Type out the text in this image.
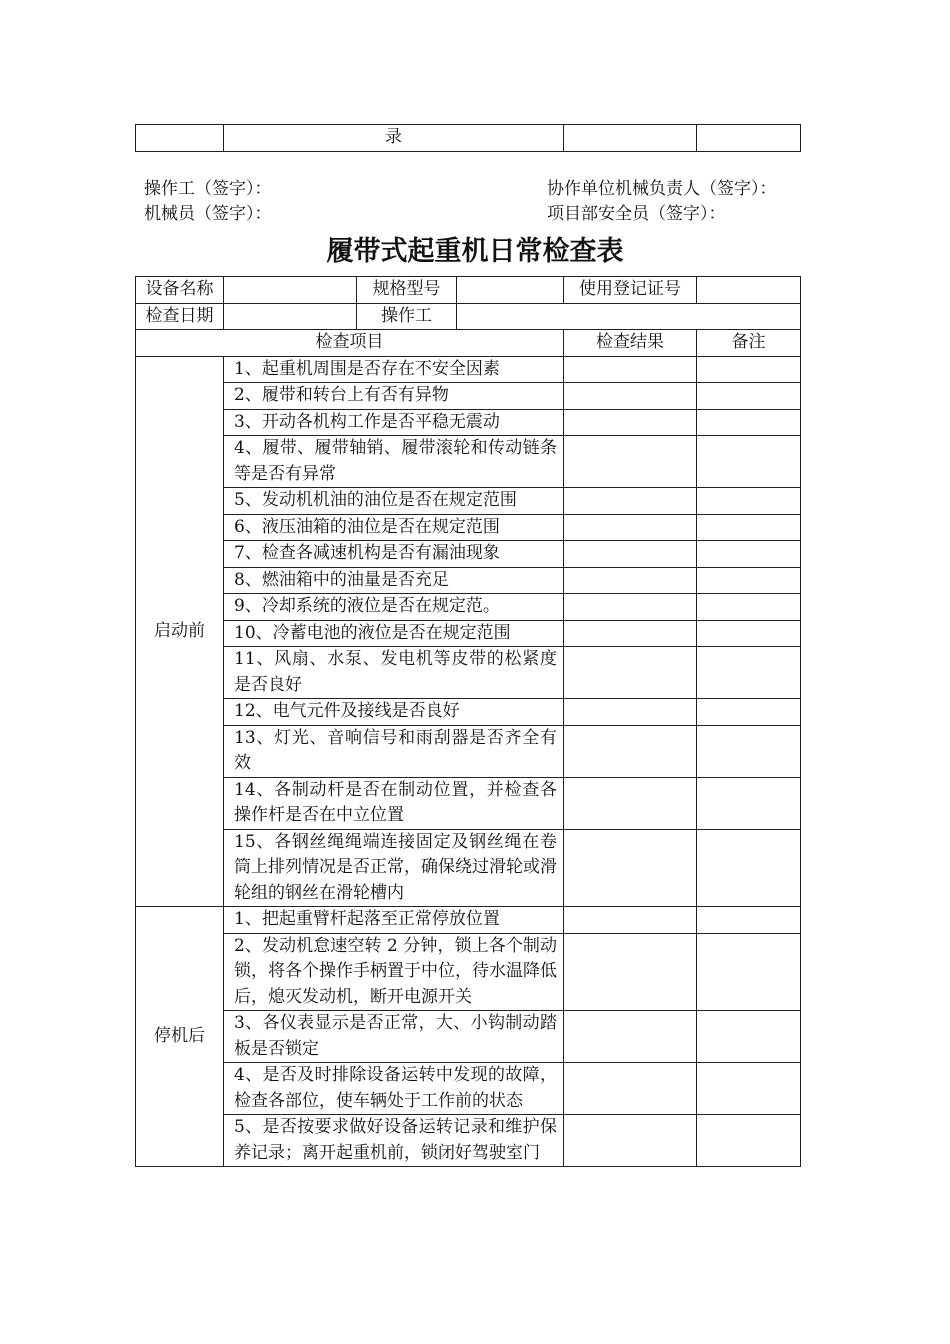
	录		
操作工（签字）：	协作单位机械负责人（签字）：
机械员（签字）：	项目部安全员（签字）：
履带式起重机日常检查表
设备名称		规格型号		使用登记证号	
检查日期		操作工			
检查项目				检查结果	备注
启动前	1、起重机周围是否存在不安全因素				
	2、履带和转台上有否有异物				
	3、开动各机构工作是否平稳无震动				
	4、履带、履带轴销、履带滚轮和传动链条等是否有异常				
	5、发动机机油的油位是否在规定范围				
	6、液压油箱的油位是否在规定范围				
	7、检查各减速机构是否有漏油现象				
	8、燃油箱中的油量是否充足				
	9、冷却系统的液位是否在规定范。				
	10、冷蓄电池的液位是否在规定范围				
	11、风扇、水泵、发电机等皮带的松紧度是否良好				
	12、电气元件及接线是否良好				
	13、灯光、音响信号和雨刮器是否齐全有效				
	14、各制动杆是否在制动位置，并检查各操作杆是否在中立位置				
	15、各钢丝绳绳端连接固定及钢丝绳在卷筒上排列情况是否正常，确保绕过滑轮或滑轮组的钢丝在滑轮槽内				
停机后	1、把起重臂杆起落至正常停放位置				
	2、发动机怠速空转 2 分钟，锁上各个制动锁，将各个操作手柄置于中位，待水温降低后，熄灭发动机，断开电源开关				
	3、各仪表显示是否正常，大、小钩制动踏板是否锁定				
	4、是否及时排除设备运转中发现的故障，检查各部位，使车辆处于工作前的状态				
	5、是否按要求做好设备运转记录和维护保养记录；离开起重机前，锁闭好驾驶室门				
